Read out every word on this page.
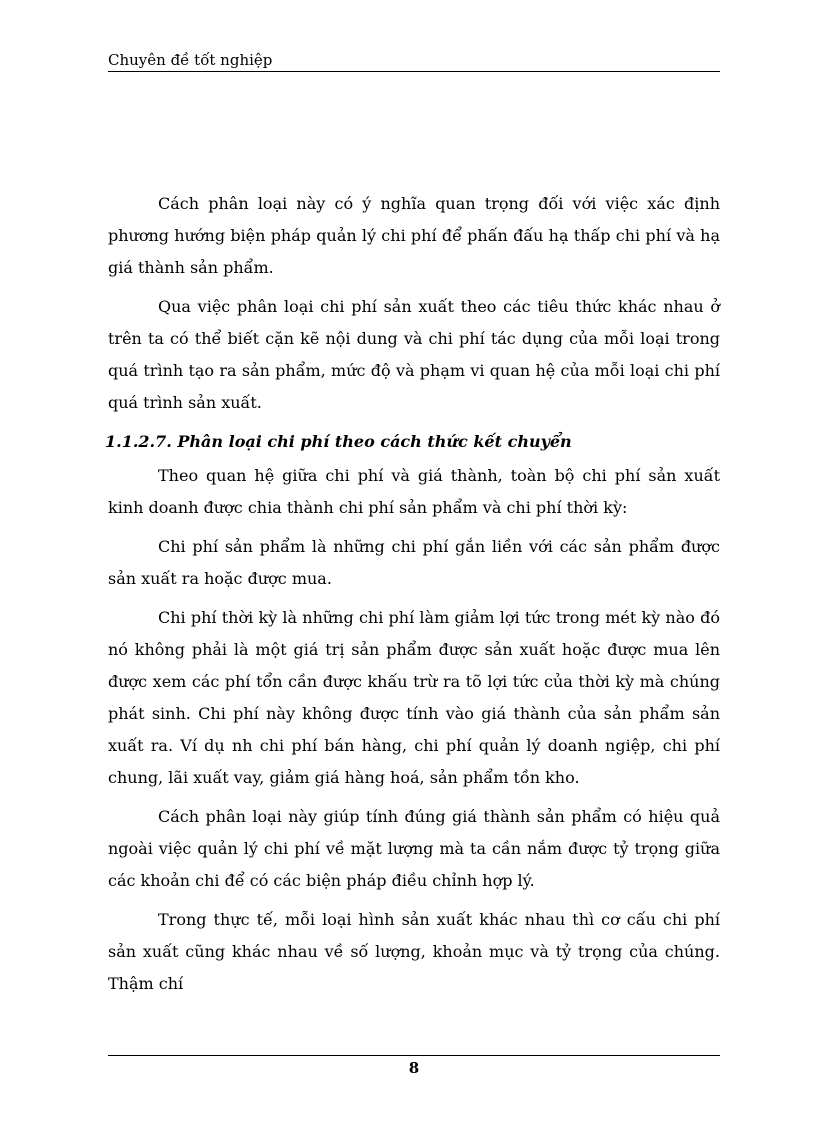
Chuyên đề tốt nghiệp

Cách phân loại này có ý nghĩa quan trọng đối với việc xác định phương hướng biện pháp quản lý chi phí để phấn đấu hạ thấp chi phí và hạ giá thành sản phẩm.

Qua việc phân loại chi phí sản xuất theo các tiêu thức khác nhau ở trên ta có thể biết cặn kẽ nội dung và chi phí tác dụng của mỗi loại trong quá trình tạo ra sản phẩm, mức độ và phạm vi quan hệ của mỗi loại chi phí quá trình sản xuất.

1.1.2.7. Phân loại chi phí theo cách thức kết chuyển

Theo quan hệ giữa chi phí và giá thành, toàn bộ chi phí sản xuất kinh doanh được chia thành chi phí sản phẩm và chi phí thời kỳ:

Chi phí sản phẩm là những chi phí gắn liền với các sản phẩm được sản xuất ra hoặc được mua.

Chi phí thời kỳ là những chi phí làm giảm lợi tức trong mét kỳ nào đó nó không phải là một giá trị sản phẩm được sản xuất hoặc được mua lên được xem các phí tổn cần được khấu trừ ra tõ lợi tức của thời kỳ mà chúng phát sinh. Chi phí này không được tính vào giá thành của sản phẩm sản xuất ra. Ví dụ nh chi phí bán hàng, chi phí quản lý doanh ngiệp, chi phí chung, lãi xuất vay, giảm giá hàng hoá, sản phẩm tồn kho.

Cách phân loại này giúp tính đúng giá thành sản phẩm có hiệu quả ngoài việc quản lý chi phí về mặt lượng mà ta cần nắm được tỷ trọng giữa các khoản chi để có các biện pháp điều chỉnh hợp lý.

Trong thực tế, mỗi loại hình sản xuất khác nhau thì cơ cấu chi phí sản xuất cũng khác nhau về số lượng, khoản mục và tỷ trọng của chúng. Thậm chí

8
